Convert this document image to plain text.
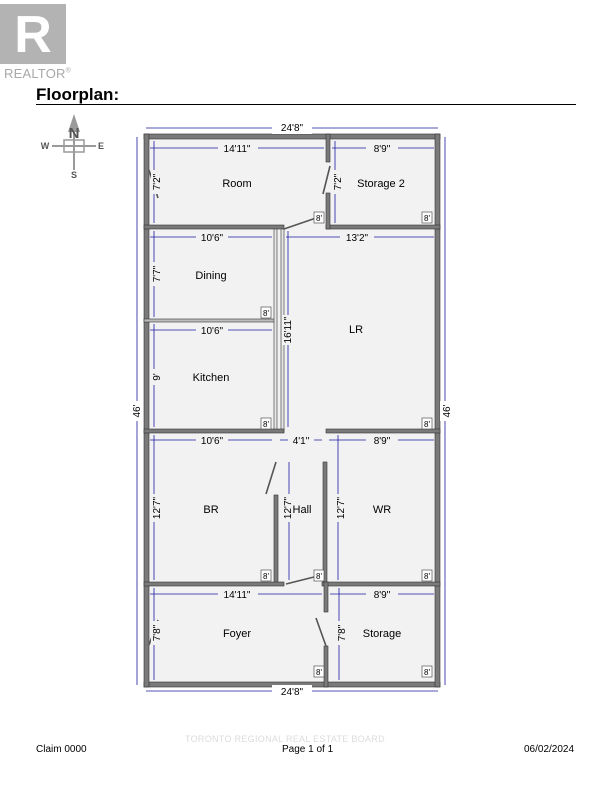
R
REALTOR®
Floorplan:
N
S
W	E
8'	8'
8'
8'	8'
8'	8'	8'
8'	8'
24'8"
24'8"
14'11"	8'9"
10'6"	13'2"
10'6"
10'6"	4'1"	8'9"
14'11"	8'9"
46'	46'
7'2"	7'2"
7'7"
9'
16'11"
12'7"	12'7"	12'7"
7'8"	7'8"
Room	Storage 2
Dining
LR
Kitchen
BR	Hall	WR
Foyer	Storage
TORONTO REGIONAL REAL ESTATE BOARD
Claim 0000	Page 1 of 1	06/02/2024
